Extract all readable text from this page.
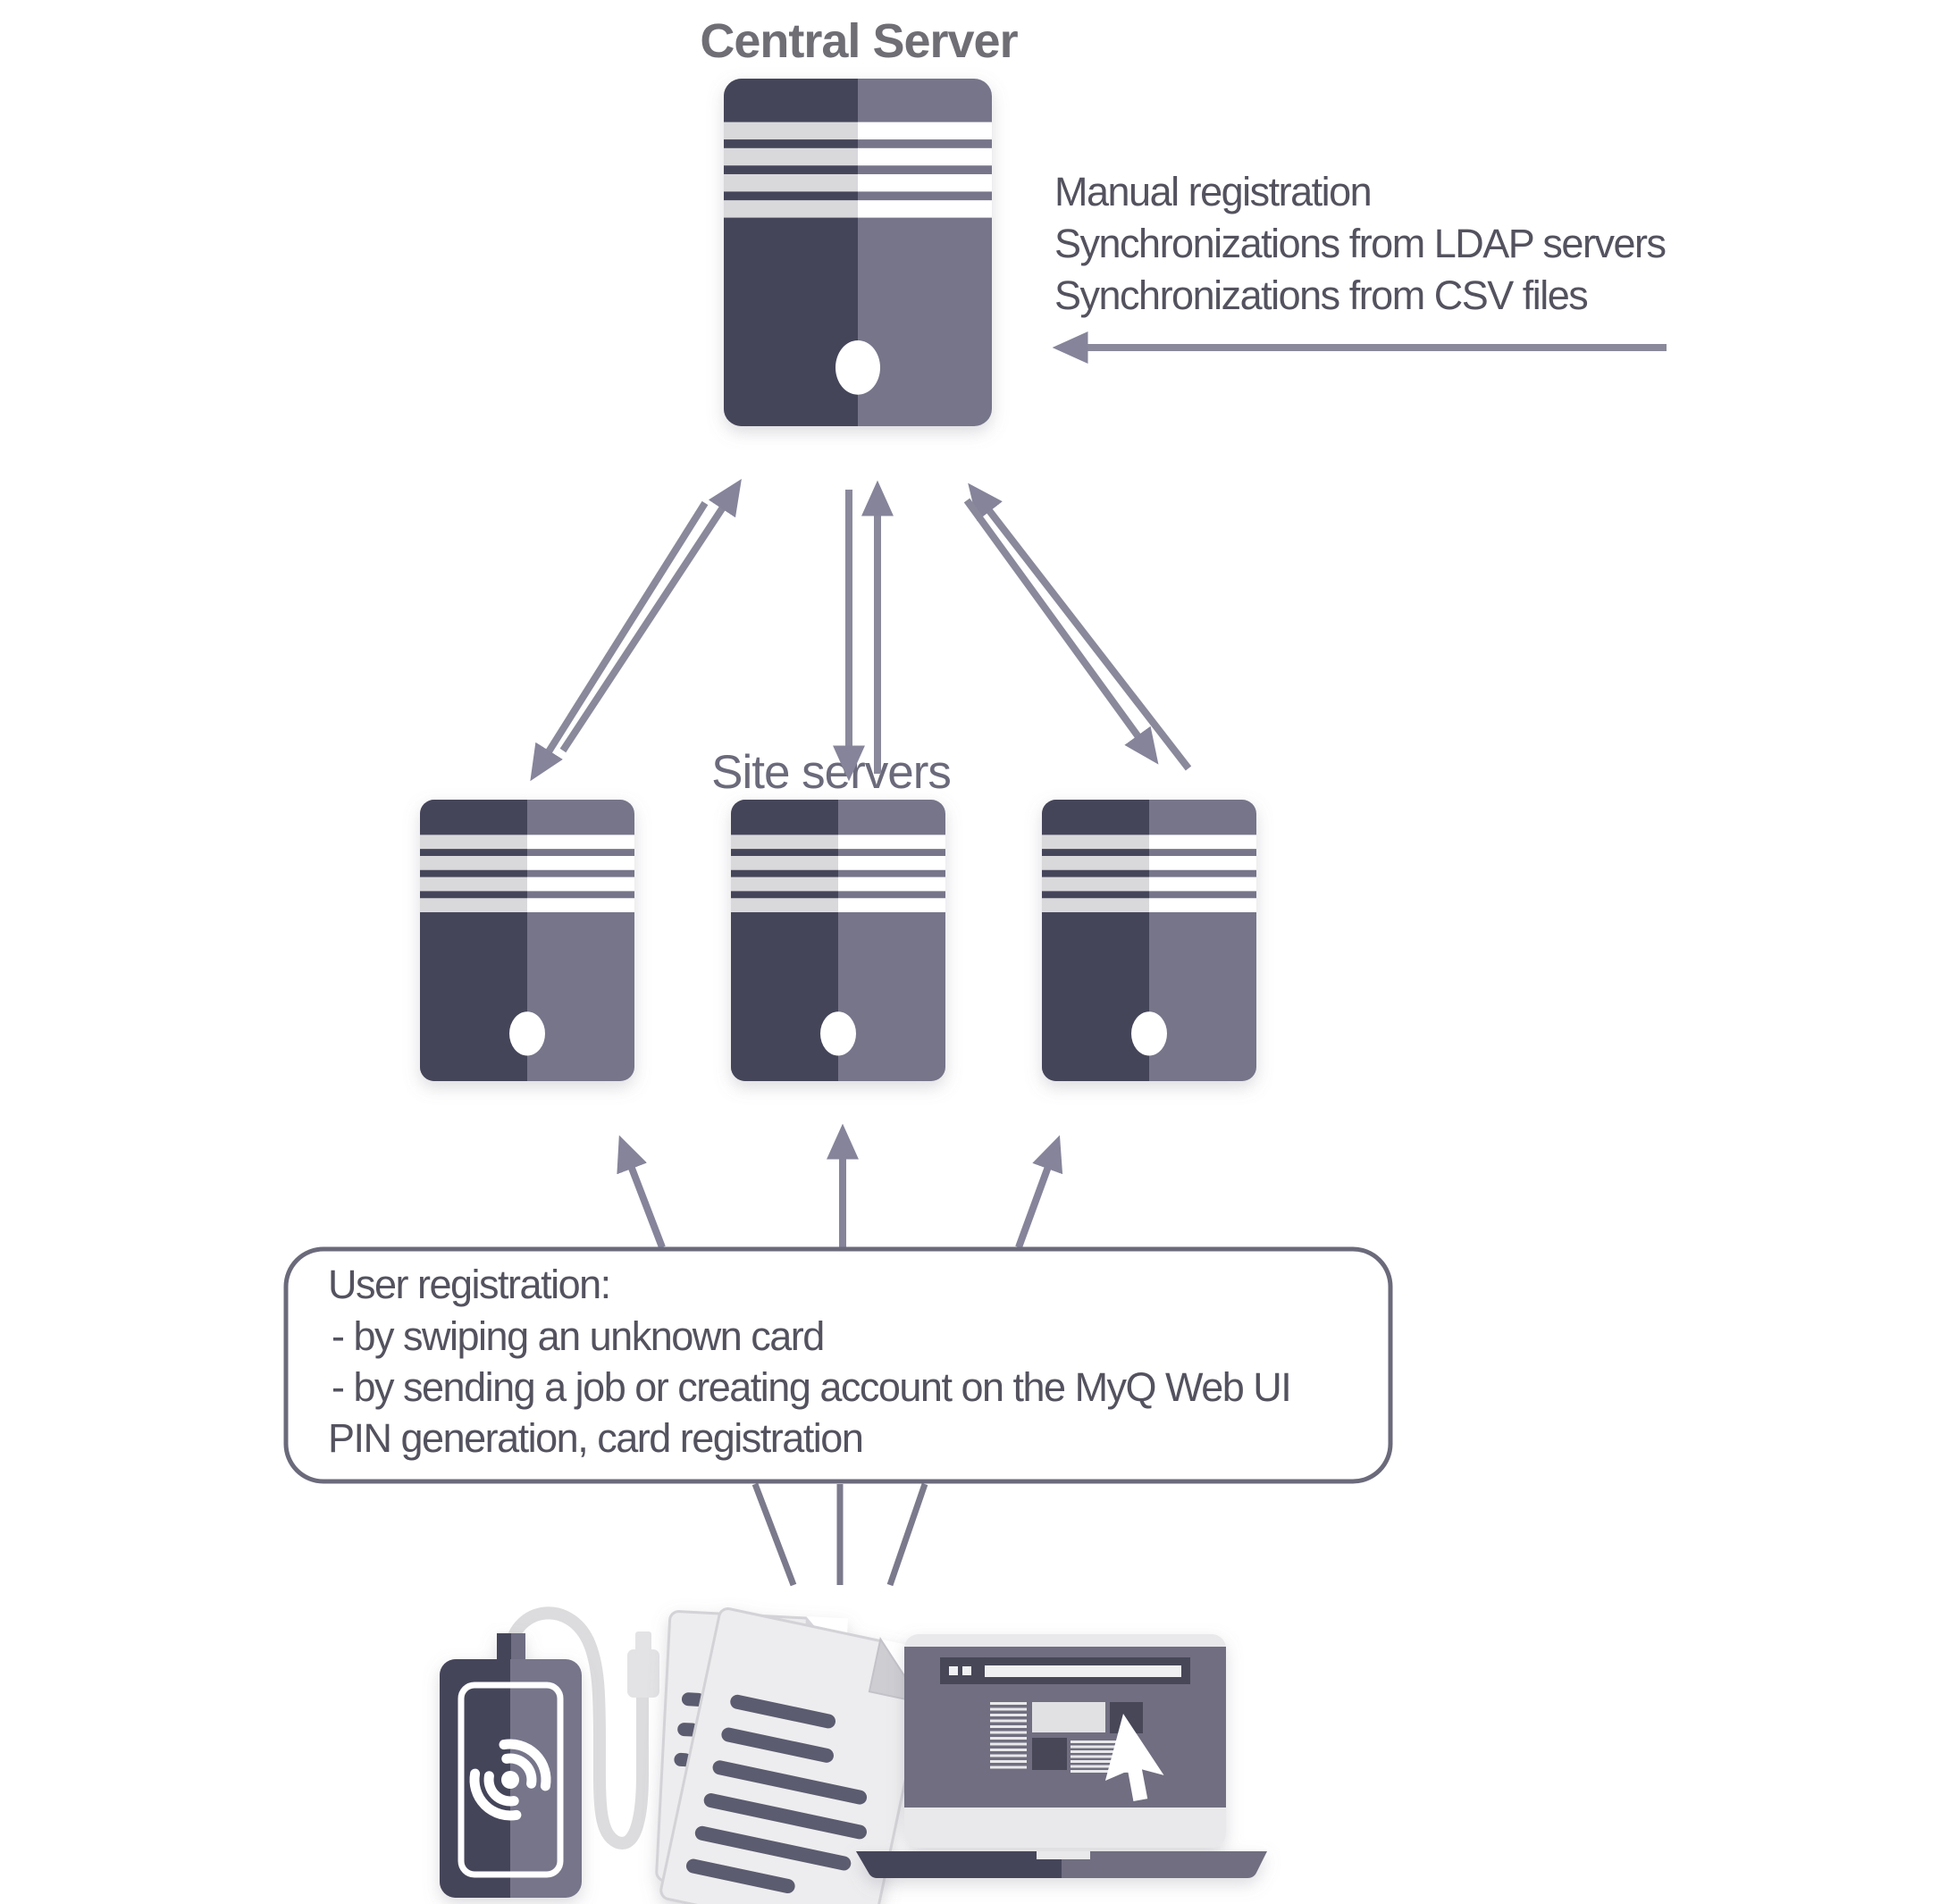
Central Server
Manual registration
Synchronizations from LDAP servers
Synchronizations from CSV files
Site servers
User registration:
- by swiping an unknown card
- by sending a job or creating account on the MyQ Web UI
PIN generation, card registration
